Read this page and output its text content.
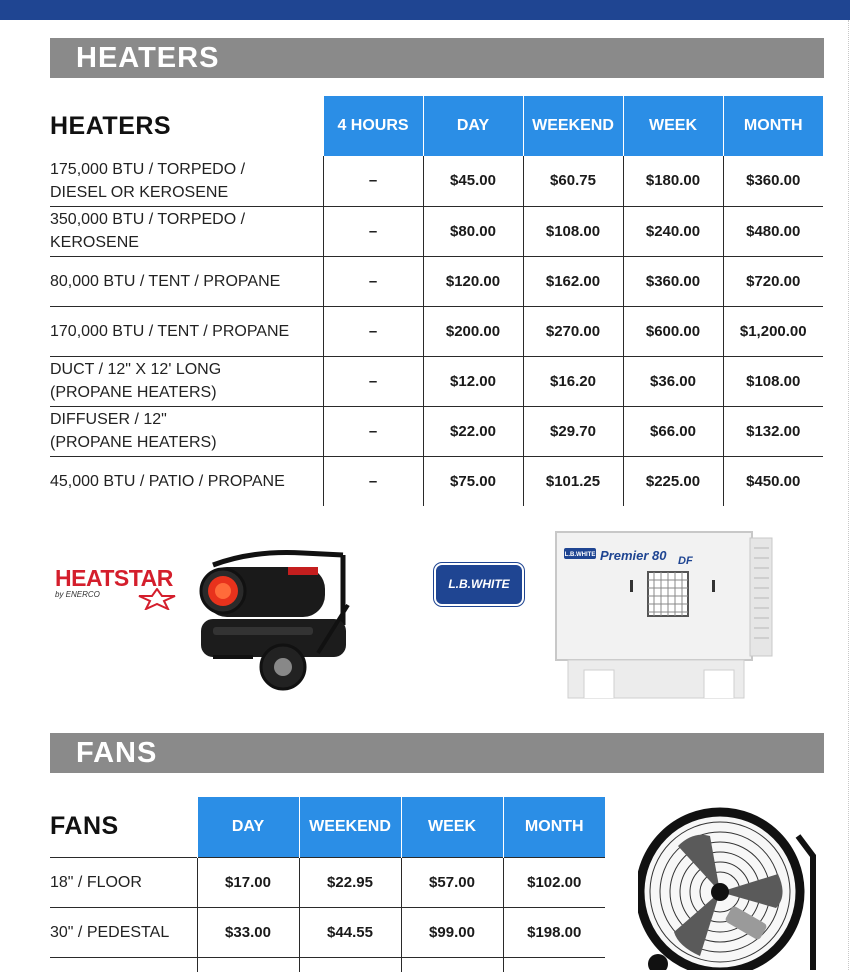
HEATERS
HEATERS	4 HOURS	DAY	WEEKEND	WEEK	MONTH

175,000 BTU / TORPEDO /
DIESEL OR KEROSENE	–	$45.00	$60.75	$180.00	$360.00

350,000 BTU / TORPEDO /
KEROSENE	–	$80.00	$108.00	$240.00	$480.00
80,000 BTU / TENT / PROPANE	–	$120.00	$162.00	$360.00	$720.00
170,000 BTU / TENT / PROPANE	–	$200.00	$270.00	$600.00	$1,200.00

DUCT / 12" X 12' LONG
(PROPANE HEATERS)	–	$12.00	$16.20	$36.00	$108.00

DIFFUSER / 12"
(PROPANE HEATERS)	–	$22.00	$29.70	$66.00	$132.00
45,000 BTU / PATIO / PROPANE	–	$75.00	$101.25	$225.00	$450.00
HEATSTAR
by ENERCO
L.B.WHITE
L.B.WHITE Premier 80 DF
FANS
FANS	DAY	WEEKEND	WEEK	MONTH
18" / FLOOR	$17.00	$22.95	$57.00	$102.00
30" / PEDESTAL	$33.00	$44.55	$99.00	$198.00
